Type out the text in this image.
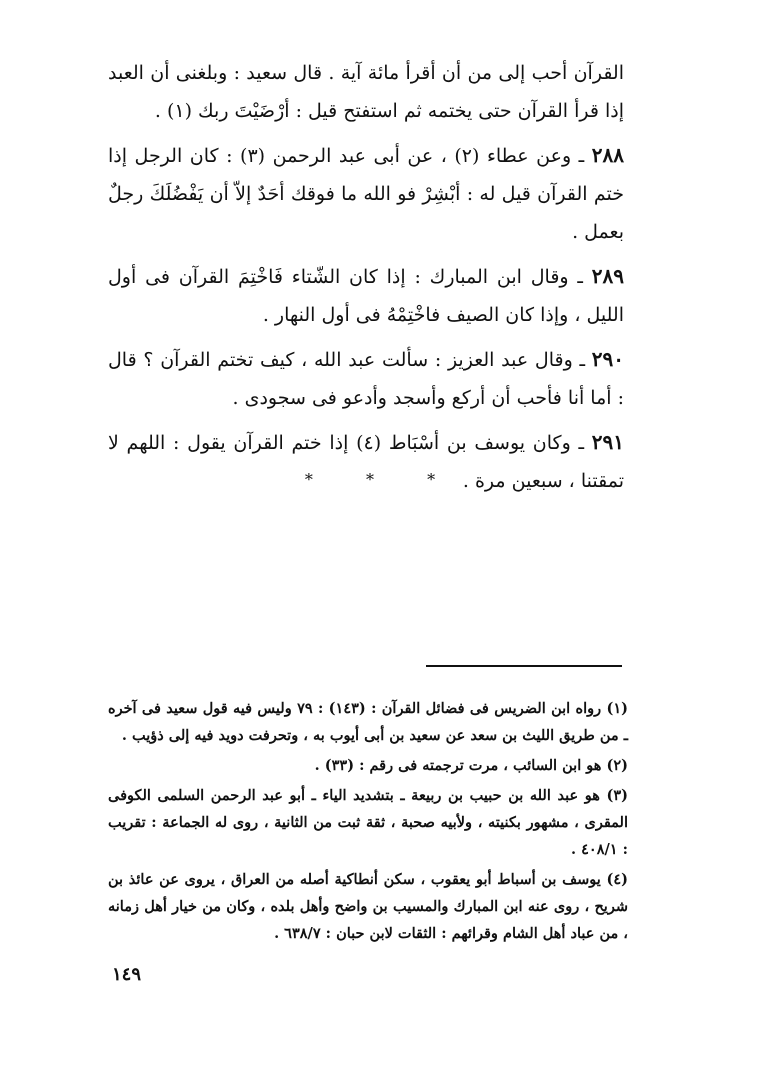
القرآن أحب إلى من أن أقرأ مائة آية . قال سعيد : وبلغنى أن العبد إذا قرأ القرآن حتى يختمه ثم استفتح قيل : أرْضَيْتَ ربك (١) .

٢٨٨ ـ وعن عطاء (٢) ، عن أبى عبد الرحمن (٣) : كان الرجل إذا ختم القرآن قيل له : أبْشِرْ فو الله ما فوقك أحَدٌ إلاّ أن يَفْضُلَكَ رجلٌ بعمل .

٢٨٩ ـ وقال ابن المبارك : إذا كان الشّتاء فَاخْتِمَ القرآن فى أول الليل ، وإذا كان الصيف فاخْتِمْهُ فى أول النهار .

٢٩٠ ـ وقال عبد العزيز : سألت عبد الله ، كيف تختم القرآن ؟ قال : أما أنا فأحب أن أركع وأسجد وأدعو فى سجودى .

٢٩١ ـ وكان يوسف بن أسْبَاط (٤) إذا ختم القرآن يقول : اللهم لا تمقتنا ، سبعين مرة .

* * *

(١) رواه ابن الضريس فى فضائل القرآن : (١٤٣) : ٧٩ وليس فيه قول سعيد فى آخره ـ من طريق الليث بن سعد عن سعيد بن أبى أيوب به ، وتحرفت دويد فيه إلى ذؤيب .

(٢) هو ابن السائب ، مرت ترجمته فى رقم : (٣٣) .

(٣) هو عبد الله بن حبيب بن ربيعة ـ بتشديد الياء ـ أبو عبد الرحمن السلمى الكوفى المقرى ، مشهور بكنيته ، ولأبيه صحبة ، ثقة ثبت من الثانية ، روى له الجماعة : تقريب : ٤٠٨/١ .

(٤) يوسف بن أسباط أبو يعقوب ، سكن أنطاكية أصله من العراق ، يروى عن عائذ بن شريح ، روى عنه ابن المبارك والمسيب بن واضح وأهل بلده ، وكان من خيار أهل زمانه ، من عباد أهل الشام وقرائهم : الثقات لابن حبان : ٦٣٨/٧ .

١٤٩
